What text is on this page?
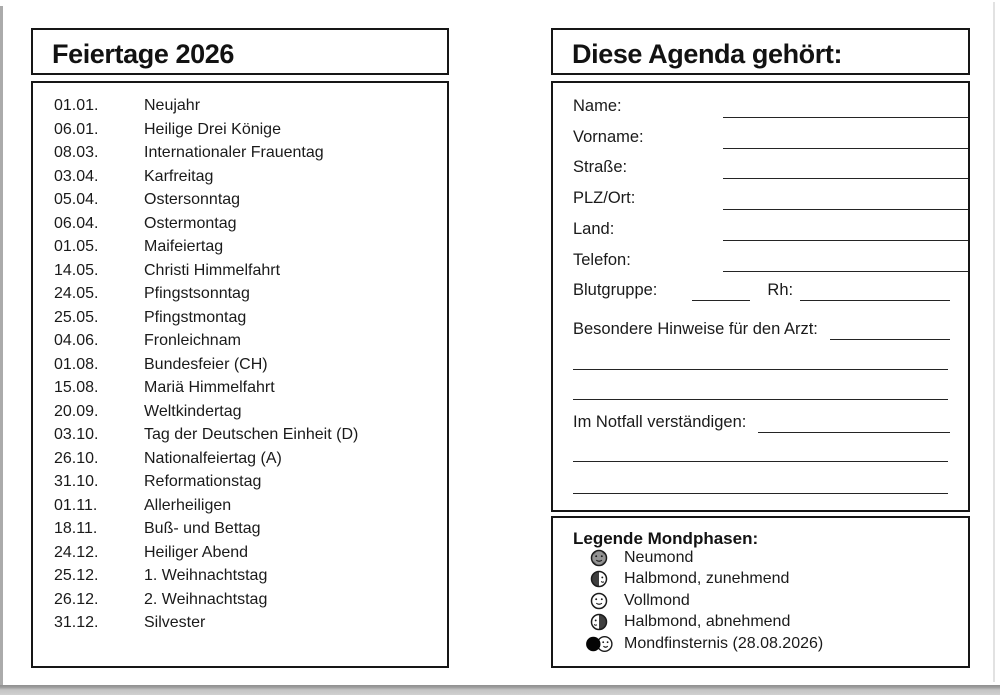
Feiertage 2026
01.01.	Neujahr
06.01.	Heilige Drei Könige
08.03.	Internationaler Frauentag
03.04.	Karfreitag
05.04.	Ostersonntag
06.04.	Ostermontag
01.05.	Maifeiertag
14.05.	Christi Himmelfahrt
24.05.	Pfingstsonntag
25.05.	Pfingstmontag
04.06.	Fronleichnam
01.08.	Bundesfeier (CH)
15.08.	Mariä Himmelfahrt
20.09.	Weltkindertag
03.10.	Tag der Deutschen Einheit (D)
26.10.	Nationalfeiertag (A)
31.10.	Reformationstag
01.11.	Allerheiligen
18.11.	Buß- und Bettag
24.12.	Heiliger Abend
25.12.	1. Weihnachtstag
26.12.	2. Weihnachtstag
31.12.	Silvester
Diese Agenda gehört:
Name:
Vorname:
Straße:
PLZ/Ort:
Land:
Telefon:
Blutgruppe:	Rh:
Besondere Hinweise für den Arzt:
Im Notfall verständigen:
Legende Mondphasen:
Neumond
Halbmond, zunehmend
Vollmond
Halbmond, abnehmend
Mondfinsternis (28.08.2026)
